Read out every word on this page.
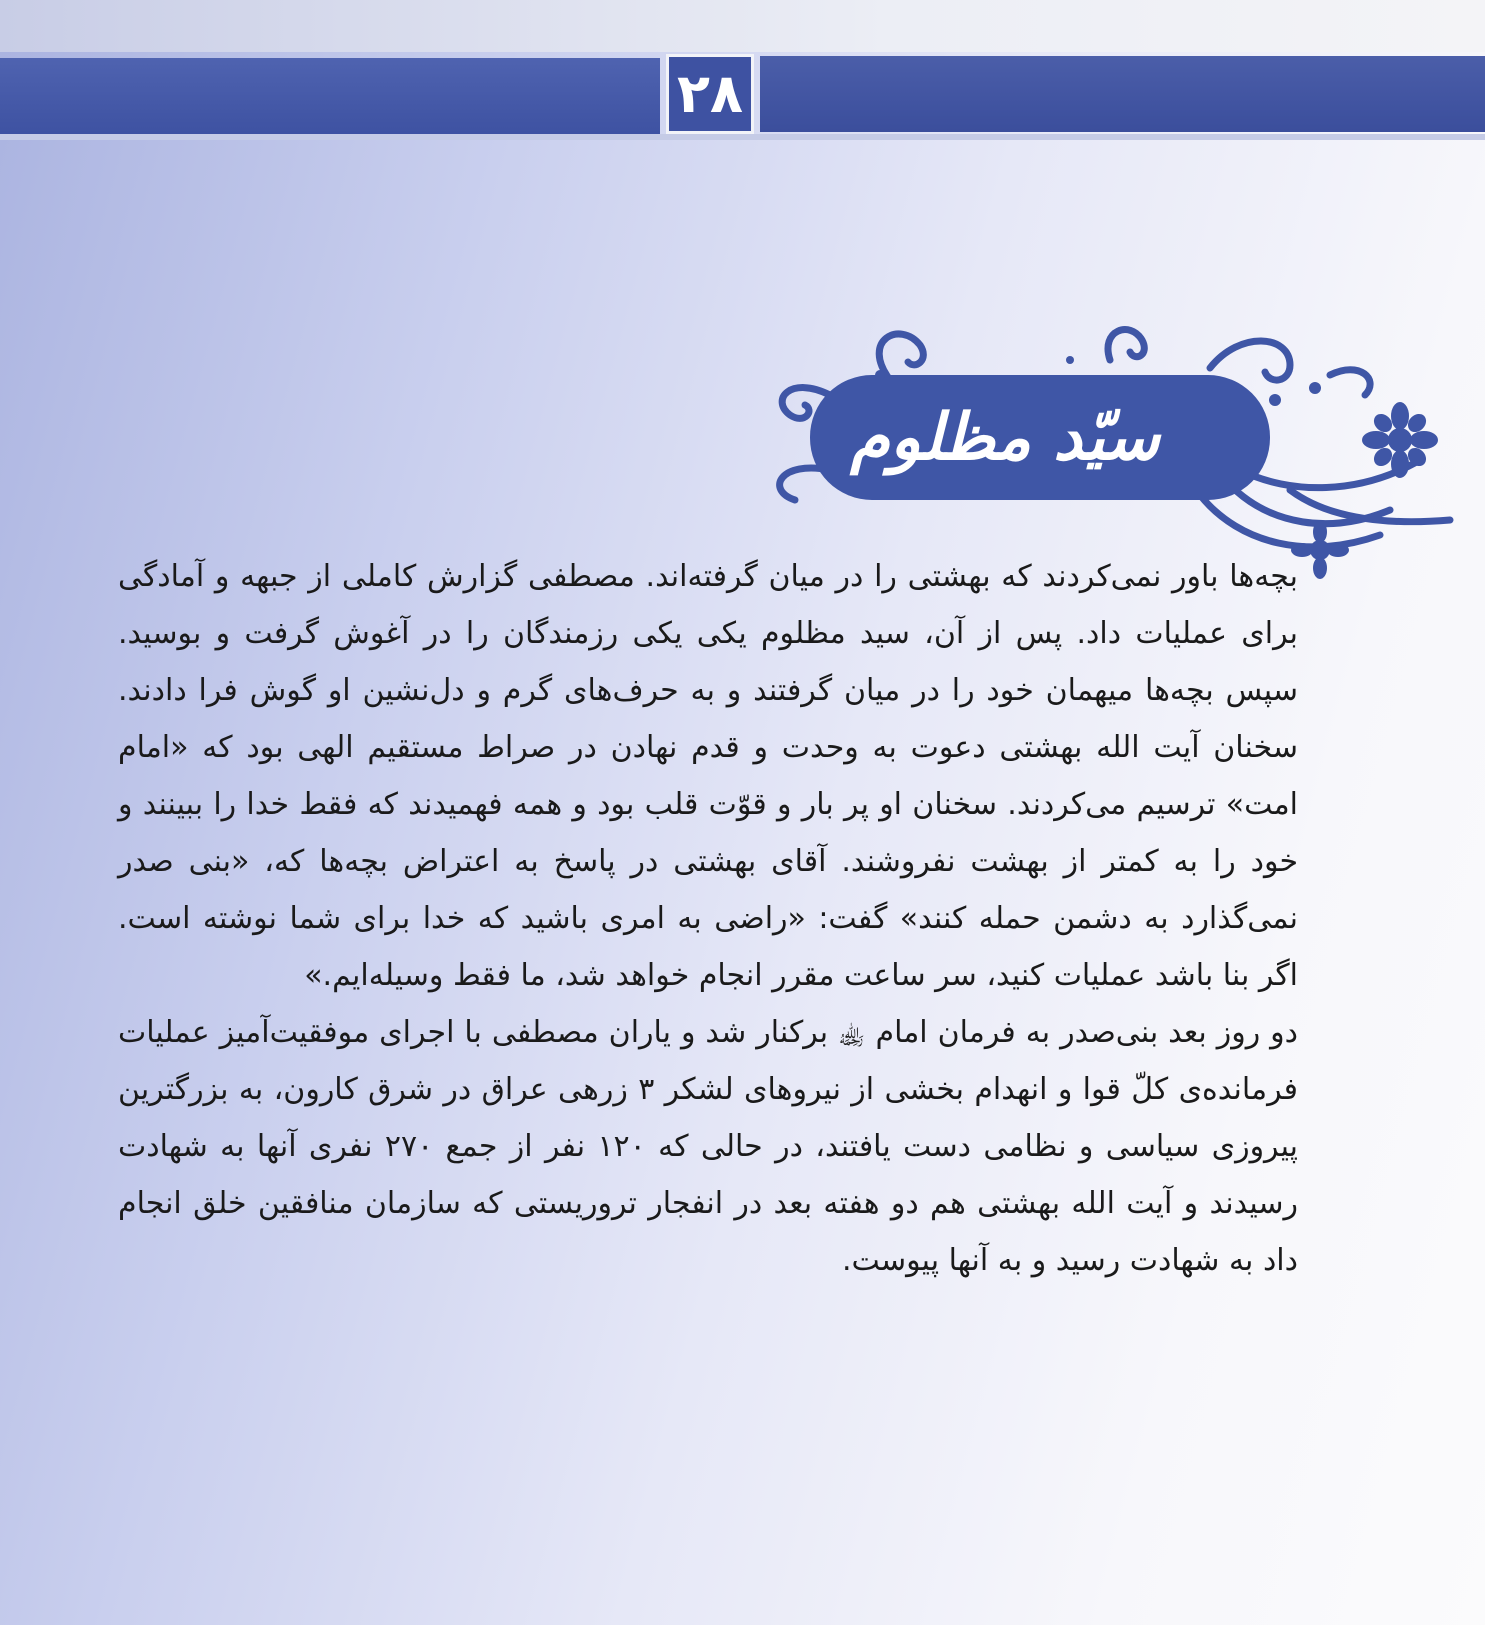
۲۸
سیّد مظلوم

بچه‌ها باور نمی‌کردند که بهشتی را در میان گرفته‌اند. مصطفی گزارش کاملی از جبهه و آمادگی برای عملیات داد. پس از آن، سید مظلوم یکی یکی رزمندگان را در آغوش گرفت و بوسید. سپس بچه‌ها میهمان خود را در میان گرفتند و به حرف‌های گرم و دل‌نشین او گوش فرا دادند. سخنان آیت الله بهشتی دعوت به وحدت و قدم نهادن در صراط مستقیم الهی بود که «امام امت» ترسیم می‌کردند. سخنان او پر بار و قوّت قلب بود و همه فهمیدند که فقط خدا را ببینند و خود را به کمتر از بهشت نفروشند. آقای بهشتی در پاسخ به اعتراض بچه‌ها که، «بنی صدر نمی‌گذارد به دشمن حمله کنند» گفت: «راضی به امری باشید که خدا برای شما نوشته است. اگر بنا باشد عملیات کنید، سر ساعت مقرر انجام خواهد شد، ما فقط وسیله‌ایم.»

دو روز بعد بنی‌صدر به فرمان امام ﵀ برکنار شد و یاران مصطفی با اجرای موفقیت‌آمیز عملیات فرمانده‌ی کلّ قوا و انهدام بخشی از نیروهای لشکر ۳ زرهی عراق در شرق کارون، به بزرگترین پیروزی سیاسی و نظامی دست یافتند، در حالی که ۱۲۰ نفر از جمع ۲۷۰ نفری آنها به شهادت رسیدند و آیت الله بهشتی هم دو هفته بعد در انفجار تروریستی که سازمان منافقین خلق انجام داد به شهادت رسید و به آنها پیوست.
